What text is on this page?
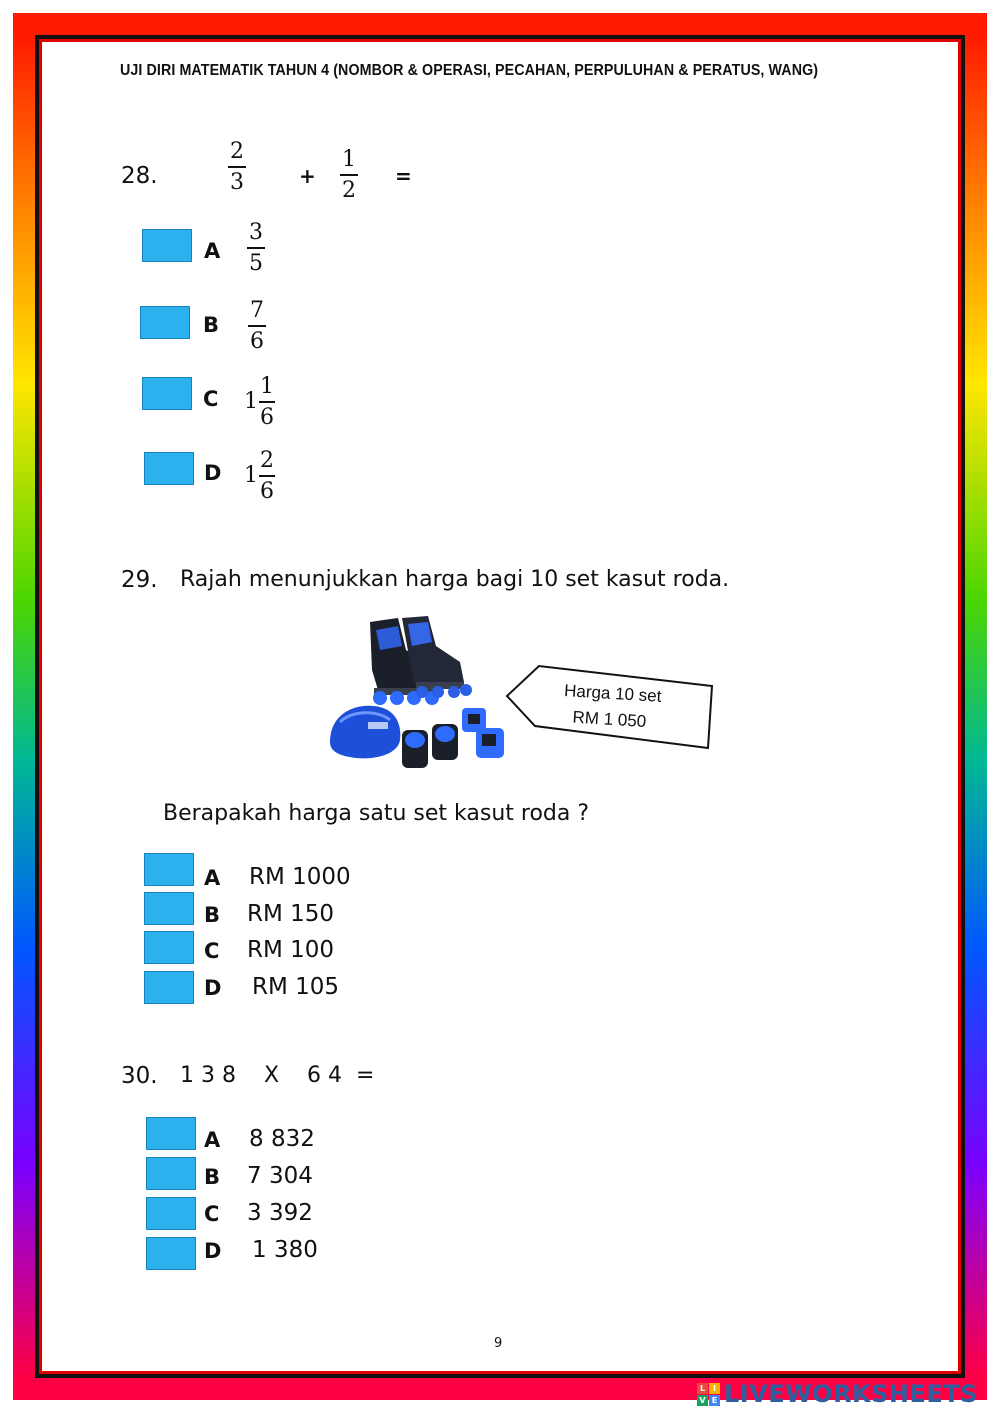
UJI DIRI MATEMATIK TAHUN 4 (NOMBOR & OPERASI, PECAHAN, PERPULUHAN & PERATUS, WANG)
28.
2
3	+
1
2
=
A
3
5
B
7
6
C 1
1
6
D 1
2
6
29. Rajah menunjukkan harga bagi 10 set kasut roda.
Harga 10 set
RM 1 050
Berapakah harga satu set kasut roda ?
A RM 1000
B RM 150
C RM 100
D RM 105
30. 1 3 8    X    6 4  =
A 8 832
B 7 304
C 3 392
D 1 380
9
L I
V E LIVEWORKSHEETS
